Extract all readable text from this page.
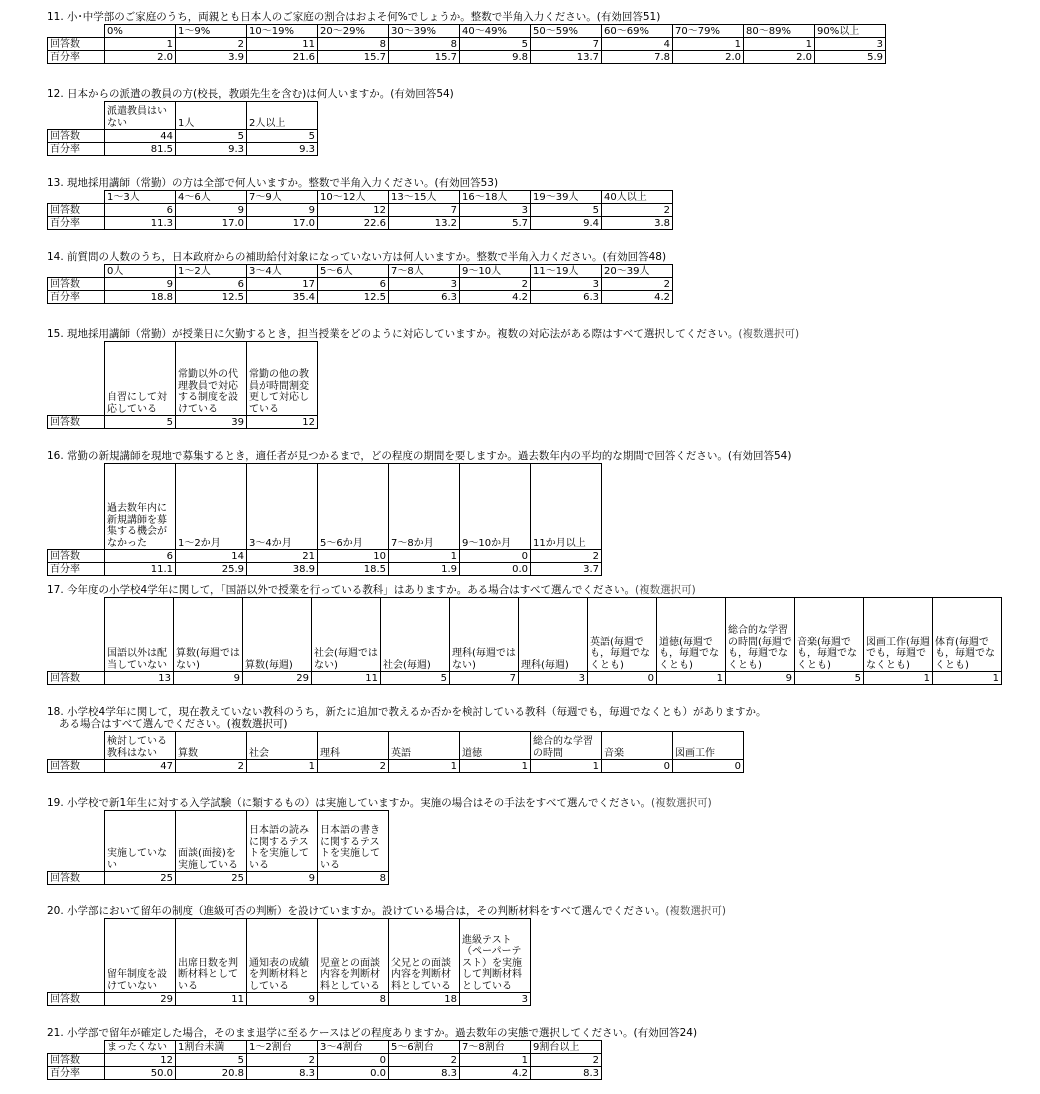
11. 小･中学部のご家庭のうち，両親とも日本人のご家庭の割合はおよそ何%でしょうか。整数で半角入力ください。(有効回答51)
	0%	1〜9%	10〜19%	20〜29%	30〜39%	40〜49%	50〜59%	60〜69%	70〜79%	80〜89%	90%以上
回答数	1	2	11	8	8	5	7	4	1	1	3
百分率	2.0	3.9	21.6	15.7	15.7	9.8	13.7	7.8	2.0	2.0	5.9
12. 日本からの派遣の教員の方(校長，教頭先生を含む)は何人いますか。(有効回答54)
	派遣教員はいない	1人	2人以上
回答数	44	5	5
百分率	81.5	9.3	9.3
13. 現地採用講師（常勤）の方は全部で何人いますか。整数で半角入力ください。(有効回答53)
	1〜3人	4〜6人	7〜9人	10〜12人	13〜15人	16〜18人	19〜39人	40人以上
回答数	6	9	9	12	7	3	5	2
百分率	11.3	17.0	17.0	22.6	13.2	5.7	9.4	3.8
14. 前質問の人数のうち，日本政府からの補助給付対象になっていない方は何人いますか。整数で半角入力ください。(有効回答48)
	0人	1〜2人	3〜4人	5〜6人	7〜8人	9〜10人	11〜19人	20〜39人
回答数	9	6	17	6	3	2	3	2
百分率	18.8	12.5	35.4	12.5	6.3	4.2	6.3	4.2
15. 現地採用講師（常勤）が授業日に欠勤するとき，担当授業をどのように対応していますか。複数の対応法がある際はすべて選択してください。(複数選択可)
	自習にして対応している	常勤以外の代理教員で対応する制度を設けている	常勤の他の教員が時間割変更して対応している
回答数	5	39	12
16. 常勤の新規講師を現地で募集するとき，適任者が見つかるまで，どの程度の期間を要しますか。過去数年内の平均的な期間で回答ください。(有効回答54)
	過去数年内に新規講師を募集する機会がなかった	1〜2か月	3〜4か月	5〜6か月	7〜8か月	9〜10か月	11か月以上
回答数	6	14	21	10	1	0	2
百分率	11.1	25.9	38.9	18.5	1.9	0.0	3.7
17. 今年度の小学校4学年に関して，「国語以外で授業を行っている教科」はありますか。ある場合はすべて選んでください。(複数選択可)
	国語以外は配当していない	算数(毎週ではない)	算数(毎週)	社会(毎週ではない)	社会(毎週)	理科(毎週ではない)	理科(毎週)	英語(毎週でも，毎週でなくとも)	道徳(毎週でも，毎週でなくとも)	総合的な学習の時間(毎週でも，毎週でなくとも)	音楽(毎週でも，毎週でなくとも)	図画工作(毎週でも，毎週でなくとも)	体育(毎週でも，毎週でなくとも)
回答数	13	9	29	11	5	7	3	0	1	9	5	1	1
18. 小学校4学年に関して，現在教えていない教科のうち，新たに追加で教えるか否かを検討している教科（毎週でも，毎週でなくとも）がありますか。
ある場合はすべて選んでください。(複数選択可)
	検討している教科はない	算数	社会	理科	英語	道徳	総合的な学習の時間	音楽	図画工作
回答数	47	2	1	2	1	1	1	0	0
19. 小学校で新1年生に対する入学試験（に類するもの）は実施していますか。実施の場合はその手法をすべて選んでください。(複数選択可)
	実施していない	面談(面接)を実施している	日本語の読みに関するテストを実施している	日本語の書きに関するテストを実施している
回答数	25	25	9	8
20. 小学部において留年の制度（進級可否の判断）を設けていますか。設けている場合は，その判断材料をすべて選んでください。(複数選択可)
	留年制度を設けていない	出席日数を判断材料としている	通知表の成績を判断材料としている	児童との面談内容を判断材料としている	父兄との面談内容を判断材料としている	進級テスト（ペーパーテスト）を実施して判断材料としている
回答数	29	11	9	8	18	3
21. 小学部で留年が確定した場合，そのまま退学に至るケースはどの程度ありますか。過去数年の実態で選択してください。(有効回答24)
	まったくない	1割台未満	1〜2割台	3〜4割台	5〜6割台	7〜8割台	9割台以上
回答数	12	5	2	0	2	1	2
百分率	50.0	20.8	8.3	0.0	8.3	4.2	8.3
